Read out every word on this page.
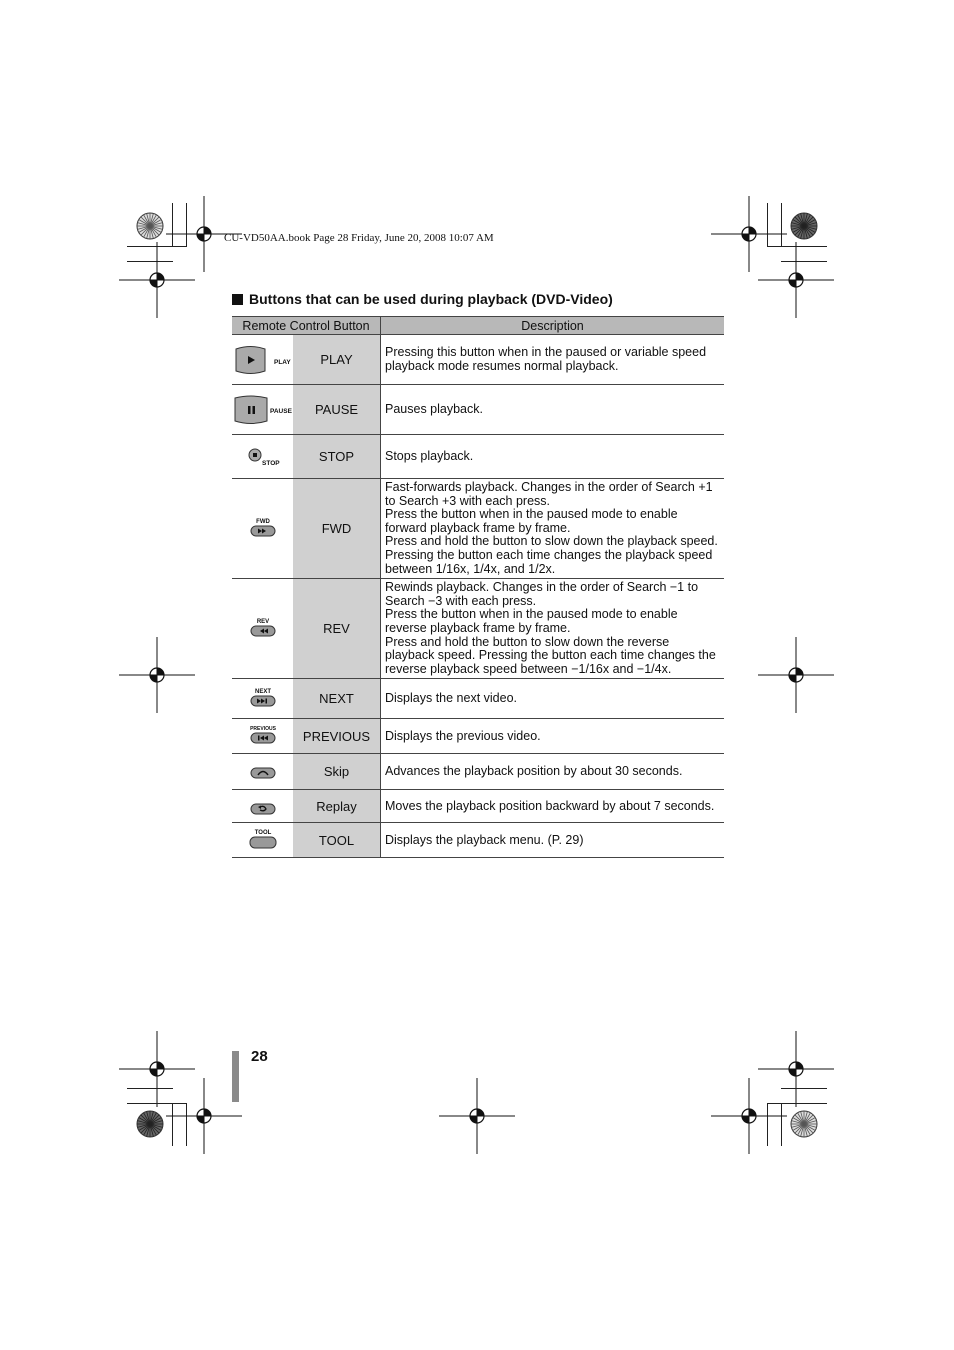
CU-VD50AA.book Page 28 Friday, June 20, 2008 10:07 AM
Buttons that can be used during playback (DVD-Video)
Remote Control Button		Description

PLAY	PLAY	Pressing this button when in the paused or variable speed playback mode resumes normal playback.

PAUSE	PAUSE	Pauses playback.

STOP	STOP	Stops playback.

FWD	FWD	Fast-forwards playback. Changes in the order of Search +1 to Search +3 with each press.
Press the button when in the paused mode to enable forward playback frame by frame.
Press and hold the button to slow down the playback speed. Pressing the button each time changes the playback speed between 1/16x, 1/4x, and 1/2x.

REV	REV	Rewinds playback. Changes in the order of Search −1 to Search −3 with each press.
Press the button when in the paused mode to enable reverse playback frame by frame.
Press and hold the button to slow down the reverse playback speed. Pressing the button each time changes the reverse playback speed between −1/16x and −1/4x.

NEXT	NEXT	Displays the next video.

PREVIOUS	PREVIOUS	Displays the previous video.

	Skip	Advances the playback position by about 30 seconds.

	Replay	Moves the playback position backward by about 7 seconds.

TOOL	TOOL	Displays the playback menu. (P. 29)
28
